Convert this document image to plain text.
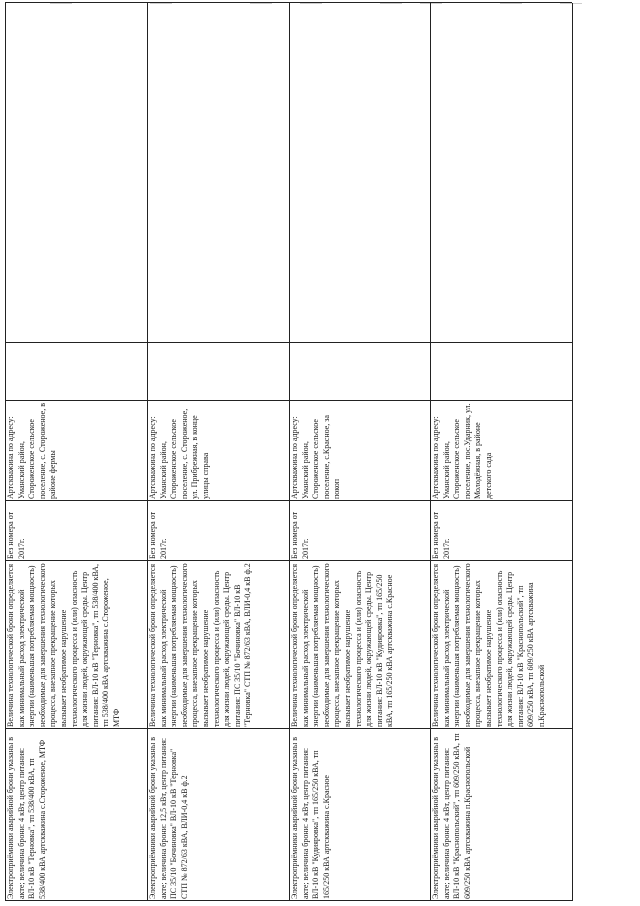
Артскважина по адресу: Уманский район, Стороженское сельское поселение, с. Стороженое, в районе фермы
Без номера от 2017г.
Величина технологической брони определяется как минимальный расход электрической энергии (наименьшая потребляемая мощность) необходимые для завершения технологического процесса, внезапное прекращение которых вызывает необратимое нарушение технологического процесса и (или) опасность для жизни людей, окружающей среды. Центр питания: ВЛ-10 кВ "Терновка", тп 538/400 кВА, тп 538/400 кВА артскважина с.Стороженое, МТФ
Электроприёмники аварийной брони указаны в акте; величина брони: 4 кВт, центр питания: ВЛ-10 кВ "Терновка", тп 538/400 кВА, тп 538/400 кВА артскважина с.Стороженое, МТФ
Артскважина по адресу: Уманский район, Стороженское сельское поселение, с. Стороженое, ул. Прибрежная, в конце улицы справа
Без номера от 2017г.
Величина технологической брони определяется как минимальный расход электрической энергии (наименьшая потребляемая мощность) необходимые для завершения технологического процесса, внезапное прекращение которых вызывает необратимое нарушение технологического процесса и (или) опасность для жизни людей, окружающей среды. Центр питания: ПС 35/10 "Бочиновка" ВЛ-10 кВ "Терновка" СТП № 872/63 кВА, ВЛИ-0,4 кВ ф.2
Электроприёмники аварийной брони указаны в акте; величина брони: 12,5 кВт, центр питания: ПС 35/10 "Бочиновка" ВЛ-10 кВ "Терновка" СТП № 872/63 кВА, ВЛИ-0,4 кВ ф.2
Артскважина по адресу: Уманский район, Стороженское сельское поселение, с.Красное, за покоп
Без номера от 2017г.
Величина технологической брони определяется как минимальный расход электрической энергии (наименьшая потребляемая мощность) необходимые для завершения технологического процесса, внезапное прекращение которых вызывает необратимое нарушение технологического процесса и (или) опасность для жизни людей, окружающей среды. Центр питания: ВЛ-10 кВ "Кудияровка", тп 165/250 кВА, тп 165/250 кВА артскважина с.Красное
Электроприёмники аварийной брони указаны в акте; величина брони: 4 кВт, центр питания: ВЛ-10 кВ "Кудияровка", тп 165/250 кВА, тп 165/250 кВА артскважина с.Красное
Артскважина по адресу: Уманский район, Стороженское сельское поселение, пос.Ударник, ул. Молодёжная, в районе детского сада
Без номера от 2017г.
Величина технологической брони определяется как минимальный расход электрической энергии (наименьшая потребляемая мощность) необходимые для завершения технологического процесса, внезапное прекращение которых вызывает необратимое нарушение технологического процесса и (или) опасность для жизни людей, окружающей среды. Центр питания: ВЛ-10 кВ "Краснопольский", тп 609/250 кВА, тп 609/250 кВА артскважина п.Краснопольской
Электроприёмники аварийной брони указаны в акте; величина брони: 4 кВт, центр питания: ВЛ-10 кВ "Краснопольский", тп 609/250 кВА, тп 609/250 кВА артскважина п.Краснопольской
